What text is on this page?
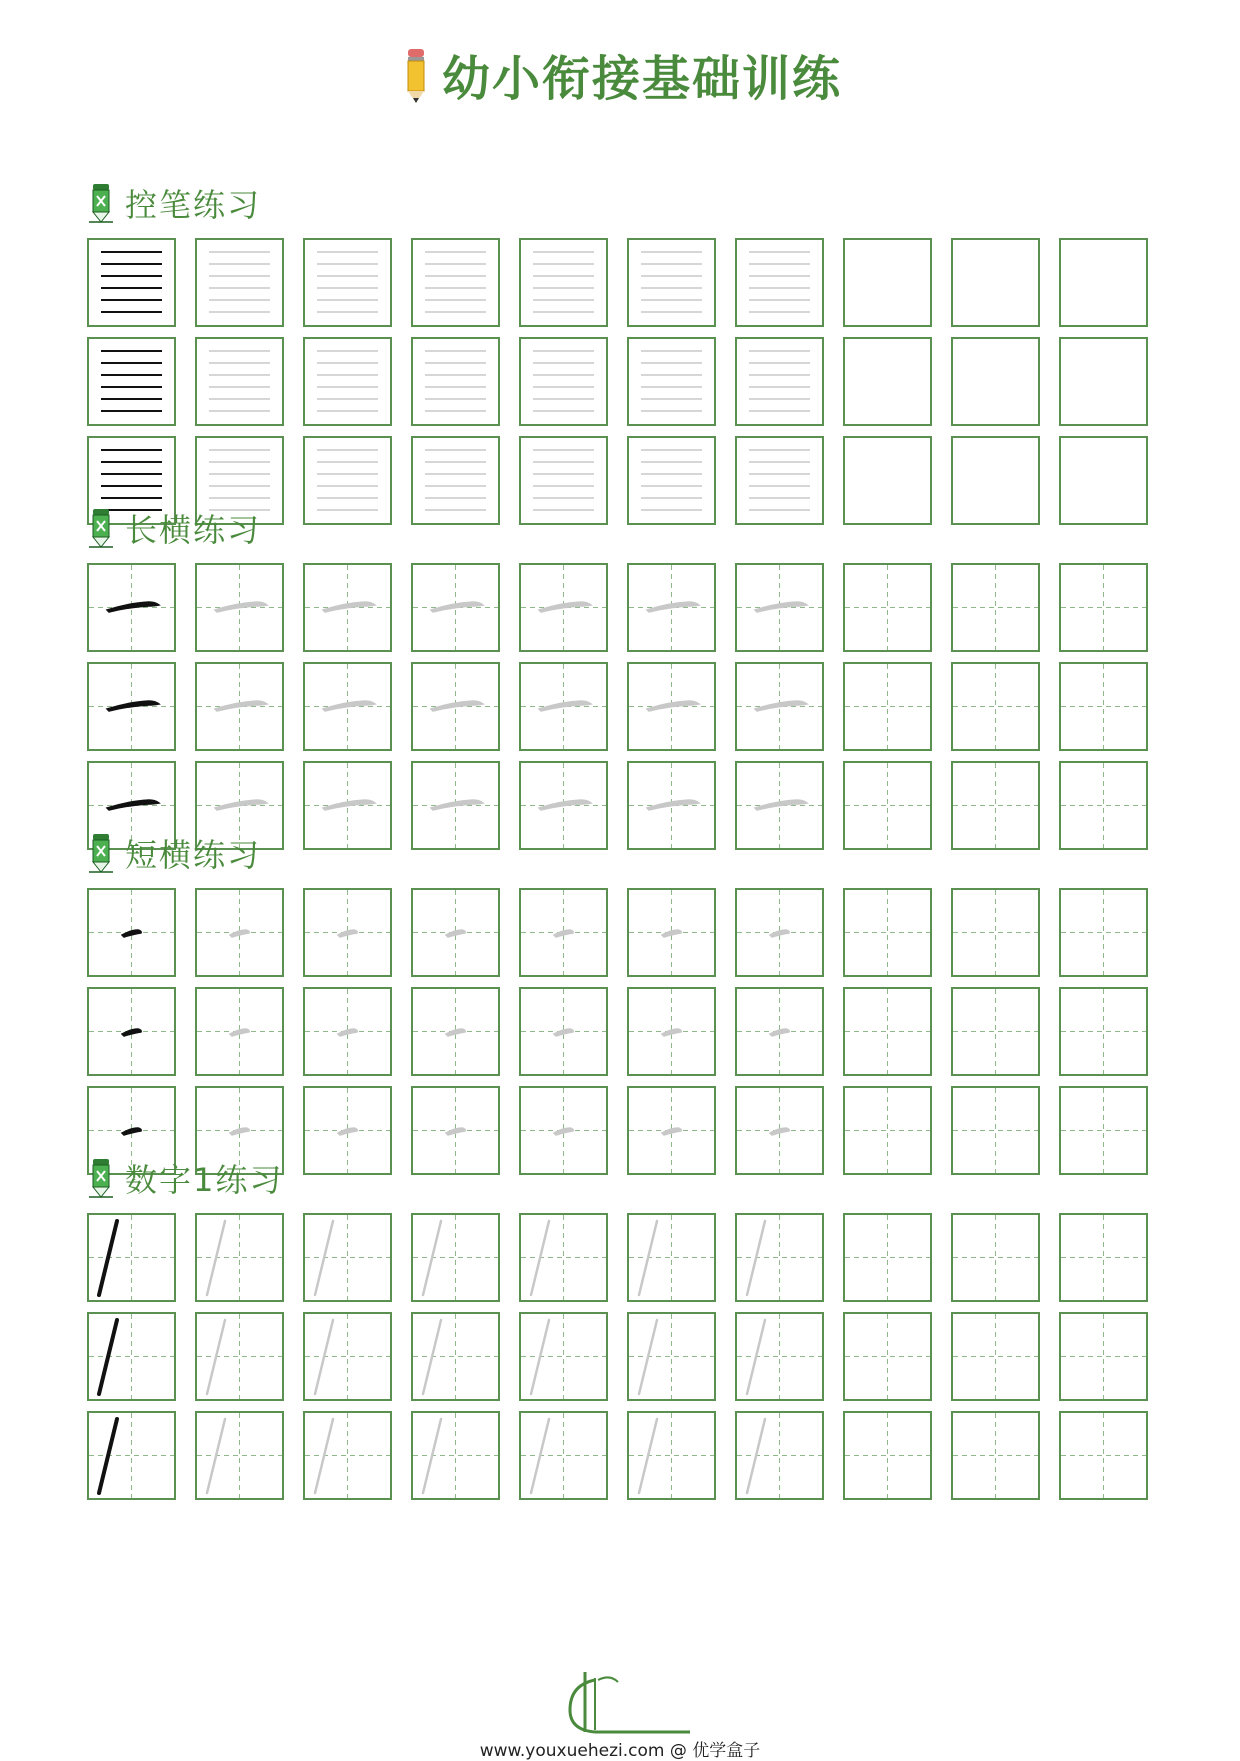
幼小衔接基础训练
控笔练习
长横练习
短横练习
数字1练习
www.youxuehezi.com @ 优学盒子
